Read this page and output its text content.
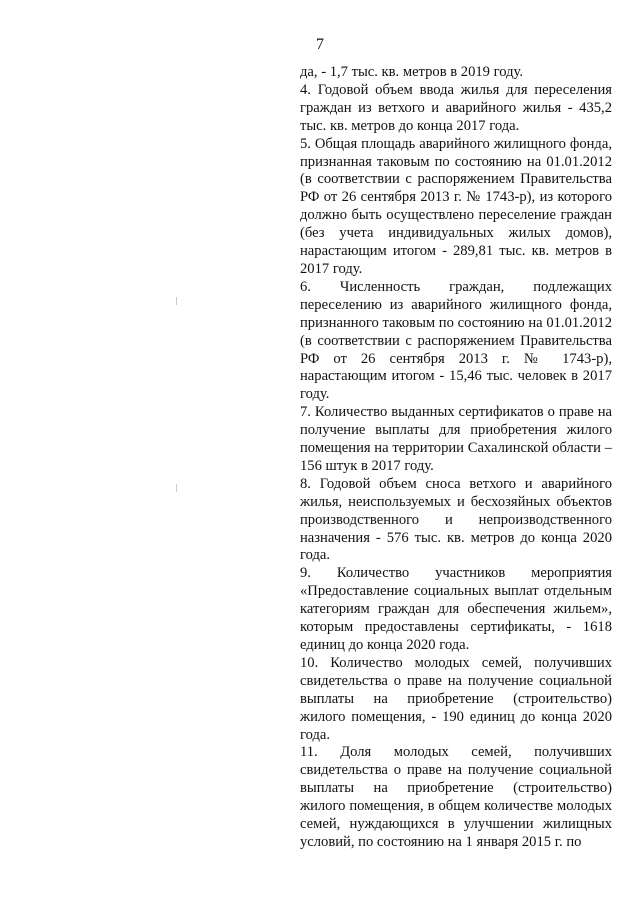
7

да, - 1,7 тыс. кв. метров в 2019 году.

4. Годовой объем ввода жилья для переселения граждан из ветхого и аварийного жилья - 435,2 тыс. кв. метров до конца 2017 года.

5. Общая площадь аварийного жилищного фонда, признанная таковым по состоянию на 01.01.2012 (в соответствии с распоряжением Правительства РФ от 26 сентября 2013 г. № 1743-р), из которого должно быть осуществлено переселение граждан (без учета индивидуальных жилых домов), нарастающим итогом - 289,81 тыс. кв. метров в 2017 году.

6. Численность граждан, подлежащих переселению из аварийного жилищного фонда, признанного таковым по состоянию на 01.01.2012 (в соответствии с распоряжением Правительства РФ от 26 сентября 2013 г. № 1743-р), нарастающим итогом - 15,46 тыс. человек в 2017 году.

7. Количество выданных сертификатов о праве на получение выплаты для приобретения жилого помещения на территории Сахалинской области – 156 штук в 2017 году.

8. Годовой объем сноса ветхого и аварийного жилья, неиспользуемых и бесхозяйных объектов производственного и непроизводственного назначения - 576 тыс. кв. метров до конца 2020 года.

9. Количество участников мероприятия «Предоставление социальных выплат отдельным категориям граждан для обеспечения жильем», которым предоставлены сертификаты, - 1618 единиц до конца 2020 года.

10. Количество молодых семей, получивших свидетельства о праве на получение социальной выплаты на приобретение (строительство) жилого помещения, - 190 единиц до конца 2020 года.

11. Доля молодых семей, получивших свидетельства о праве на получение социальной выплаты на приобретение (строительство) жилого помещения, в общем количестве молодых семей, нуждающихся в улучшении жилищных условий, по состоянию на 1 января 2015 г. по
